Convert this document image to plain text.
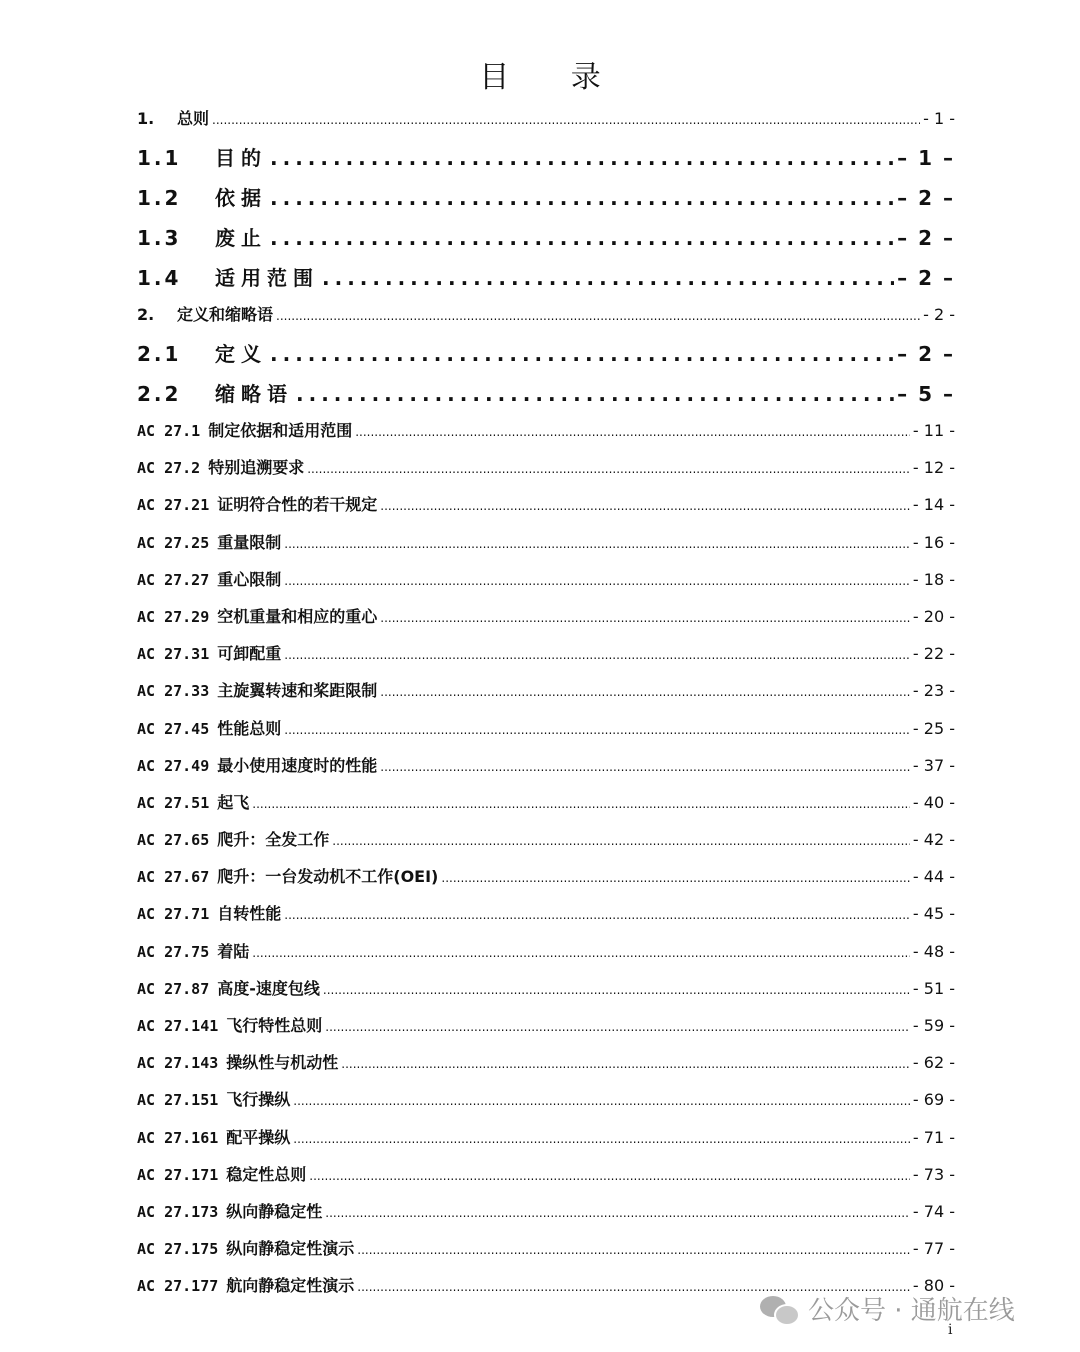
目 录
1.	总则 .....	- 1 -
1.1	目的 .....	– 1 –
1.2	依据 .....	– 2 –
1.3	废止 .....	– 2 –
1.4	适用范围 .....	– 2 –
2.	定义和缩略语 .....	- 2 -
2.1	定义 .....	– 2 –
2.2	缩略语 .....	– 5 –
AC 27.1 制定依据和适用范围 .....	- 11 -
AC 27.2 特别追溯要求 .....	- 12 -
AC 27.21 证明符合性的若干规定 .....	- 14 -
AC 27.25 重量限制 .....	- 16 -
AC 27.27 重心限制 .....	- 18 -
AC 27.29 空机重量和相应的重心 .....	- 20 -
AC 27.31 可卸配重 .....	- 22 -
AC 27.33 主旋翼转速和桨距限制 .....	- 23 -
AC 27.45 性能总则 .....	- 25 -
AC 27.49 最小使用速度时的性能 .....	- 37 -
AC 27.51 起飞 .....	- 40 -
AC 27.65 爬升：全发工作 .....	- 42 -
AC 27.67 爬升：一台发动机不工作(OEI) .....	- 44 -
AC 27.71 自转性能 .....	- 45 -
AC 27.75 着陆 .....	- 48 -
AC 27.87 高度-速度包线 .....	- 51 -
AC 27.141 飞行特性总则 .....	- 59 -
AC 27.143 操纵性与机动性 .....	- 62 -
AC 27.151 飞行操纵 .....	- 69 -
AC 27.161 配平操纵 .....	- 71 -
AC 27.171 稳定性总则 .....	- 73 -
AC 27.173 纵向静稳定性 .....	- 74 -
AC 27.175 纵向静稳定性演示 .....	- 77 -
AC 27.177 航向静稳定性演示 .....	- 80 -
公众号 · 通航在线
i
